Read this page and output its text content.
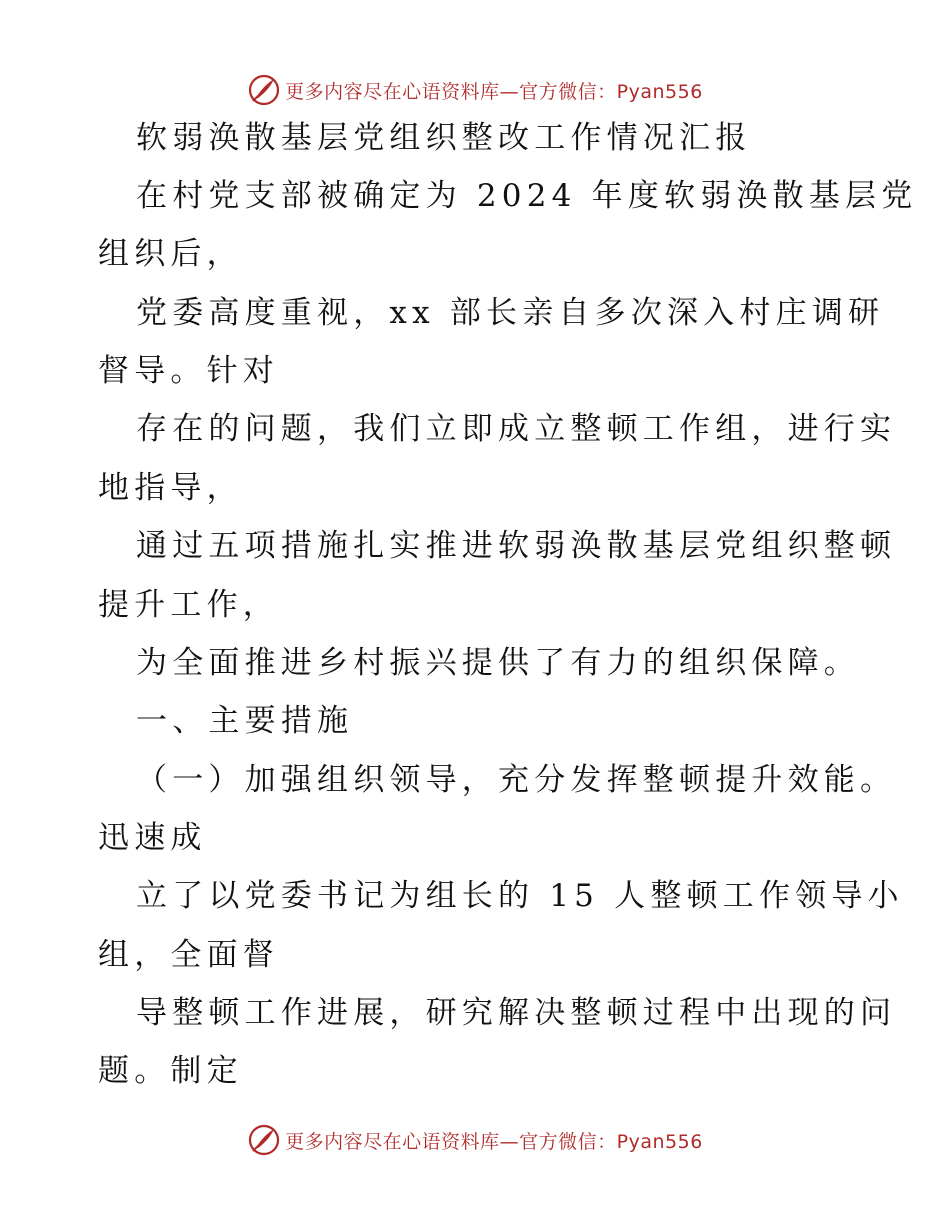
更多内容尽在心语资料库—官方微信：Pyan556
软弱涣散基层党组织整改工作情况汇报
在村党支部被确定为 2024 年度软弱涣散基层党
组织后，
党委高度重视，xx 部长亲自多次深入村庄调研
督导。针对
存在的问题，我们立即成立整顿工作组，进行实
地指导，
通过五项措施扎实推进软弱涣散基层党组织整顿
提升工作，
为全面推进乡村振兴提供了有力的组织保障。
一、主要措施
（一）加强组织领导，充分发挥整顿提升效能。
迅速成
立了以党委书记为组长的 15 人整顿工作领导小
组，全面督
导整顿工作进展，研究解决整顿过程中出现的问
题。制定
更多内容尽在心语资料库—官方微信：Pyan556
